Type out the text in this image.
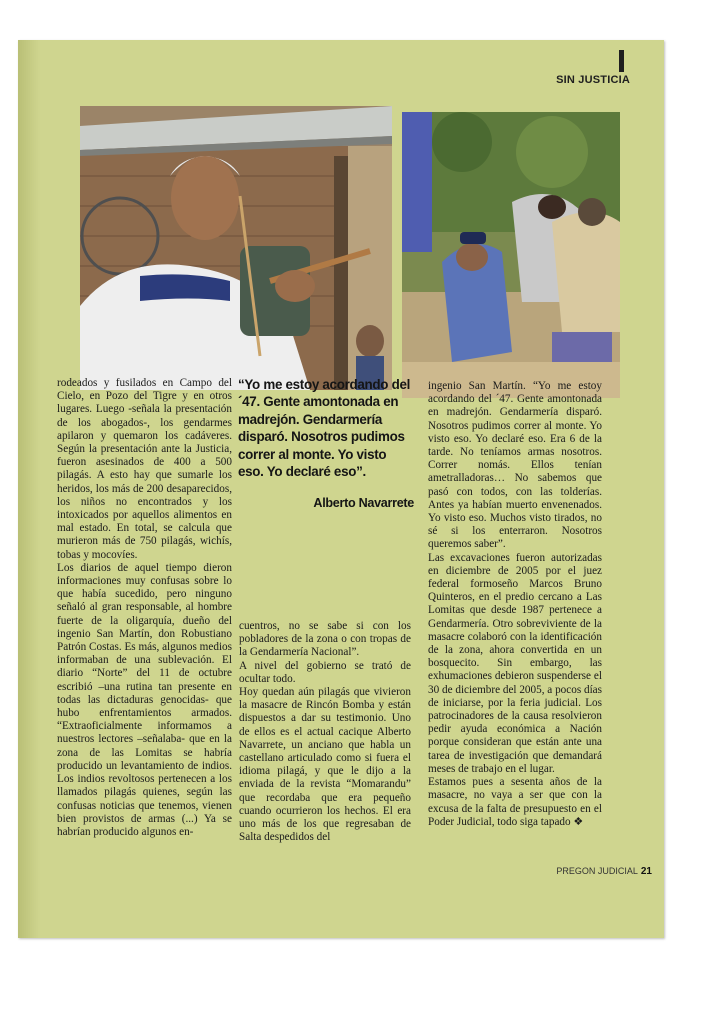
SIN JUSTICIA
rodeados y fusilados en Campo del Cielo, en Pozo del Tigre y en otros lugares. Luego -señala la presentación de los abogados-, los gendarmes apilaron y quemaron los cadáveres. Según la presentación ante la Justicia, fueron asesinados de 400 a 500 pilagás. A esto hay que sumarle los heridos, los más de 200 desaparecidos, los niños no encontrados y los intoxicados por aquellos alimentos en mal estado. En total, se calcula que murieron más de 750 pilagás, wichís, tobas y mocovíes.
Los diarios de aquel tiempo dieron informaciones muy confusas sobre lo que había sucedido, pero ninguno señaló al gran responsable, al hombre fuerte de la oligarquía, dueño del ingenio San Martín, don Robustiano Patrón Costas. Es más, algunos medios informaban de una sublevación. El diario “Norte” del 11 de octubre escribió –una rutina tan presente en todas las dictaduras genocidas- que hubo enfrentamientos armados. “Extraoficialmente informamos a nuestros lectores –señalaba- que en la zona de las Lomitas se habría producido un levantamiento de indios. Los indios revoltosos pertenecen a los llamados pilagás quienes, según las confusas noticias que tenemos, vienen bien provistos de armas (...) Ya se habrían producido algunos en-
“Yo me estoy acordando del ´47. Gente amontonada en madrejón. Gendarmería disparó. Nosotros pudimos correr al monte. Yo visto eso. Yo declaré eso”.
Alberto Navarrete
cuentros, no se sabe si con los pobladores de la zona o con tropas de la Gendarmería Nacional”.
A nivel del gobierno se trató de ocultar todo.
Hoy quedan aún pilagás que vivieron la masacre de Rincón Bomba y están dispuestos a dar su testimonio. Uno de ellos es el actual cacique Alberto Navarrete, un anciano que habla un castellano articulado como si fuera el idioma pilagá, y que le dijo a la enviada de la revista “Momarandu” que recordaba que era pequeño cuando ocurrieron los hechos. El era uno más de los que regresaban de Salta despedidos del
ingenio San Martín. “Yo me estoy acordando del ´47. Gente amontonada en madrejón. Gendarmería disparó. Nosotros pudimos correr al monte. Yo visto eso. Yo declaré eso. Era 6 de la tarde. No teníamos armas nosotros. Correr nomás. Ellos tenían ametralladoras… No sabemos que pasó con todos, con las tolderías. Antes ya habían muerto envenenados. Yo visto eso. Muchos visto tirados, no sé si los enterraron. Nosotros queremos saber”.
Las excavaciones fueron autorizadas en diciembre de 2005 por el juez federal formoseño Marcos Bruno Quinteros, en el predio cercano a Las Lomitas que desde 1987 pertenece a Gendarmería. Otro sobreviviente de la masacre colaboró con la identificación de la zona, ahora convertida en un bosquecito. Sin embargo, las exhumaciones debieron suspenderse el 30 de diciembre del 2005, a pocos días de iniciarse, por la feria judicial. Los patrocinadores de la causa resolvieron pedir ayuda económica a Nación porque consideran que están ante una tarea de investigación que demandará meses de trabajo en el lugar.
Estamos pues a sesenta años de la masacre, no vaya a ser que con la excusa de la falta de presupuesto en el Poder Judicial, todo siga tapado ❖
PREGON JUDICIAL 21
